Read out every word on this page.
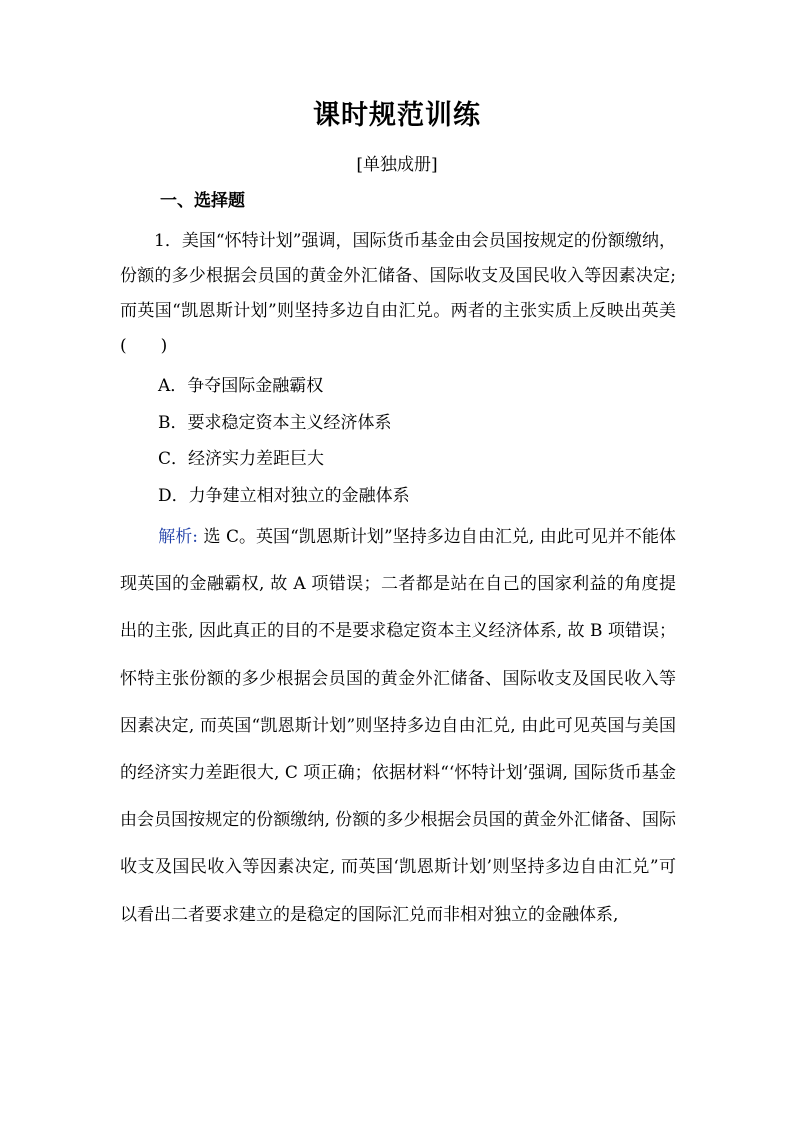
课时规范训练
[单独成册]
一、选择题

1．美国“怀特计划”强调，国际货币基金由会员国按规定的份额缴纳，份额的多少根据会员国的黄金外汇储备、国际收支及国民收入等因素决定; 而英国“凯恩斯计划”则坚持多边自由汇兑。两者的主张实质上反映出英美(　　)

A．争夺国际金融霸权
B．要求稳定资本主义经济体系
C．经济实力差距巨大
D．力争建立相对独立的金融体系

解析: 选 C。英国“凯恩斯计划”坚持多边自由汇兑, 由此可见并不能体现英国的金融霸权, 故 A 项错误；二者都是站在自己的国家利益的角度提出的主张, 因此真正的目的不是要求稳定资本主义经济体系, 故 B 项错误；怀特主张份额的多少根据会员国的黄金外汇储备、国际收支及国民收入等因素决定, 而英国“凯恩斯计划”则坚持多边自由汇兑, 由此可见英国与美国的经济实力差距很大, C 项正确；依据材料“‘怀特计划’强调, 国际货币基金由会员国按规定的份额缴纳, 份额的多少根据会员国的黄金外汇储备、国际收支及国民收入等因素决定, 而英国‘凯恩斯计划’则坚持多边自由汇兑”可以看出二者要求建立的是稳定的国际汇兑而非相对独立的金融体系,
